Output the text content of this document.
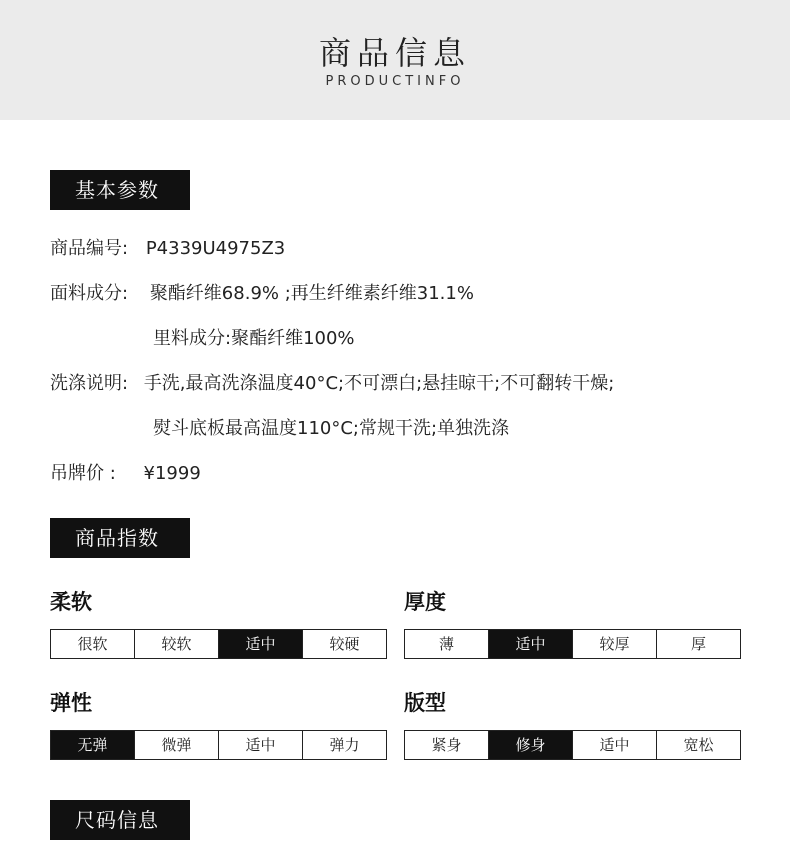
商品信息
PRODUCTINFO
基本参数
商品编号: P4339U4975Z3
面料成分: 聚酯纤维68.9% ;再生纤维素纤维31.1%
里料成分:聚酯纤维100%
洗涤说明: 手洗,最高洗涤温度40°C;不可漂白;悬挂晾干;不可翻转干燥;
熨斗底板最高温度110°C;常规干洗;单独洗涤
吊牌价 : ¥1999
商品指数
柔软
很软	较软	适中	较硬
厚度
薄	适中	较厚	厚
弹性
无弹	微弹	适中	弹力
版型
紧身	修身	适中	宽松
尺码信息
